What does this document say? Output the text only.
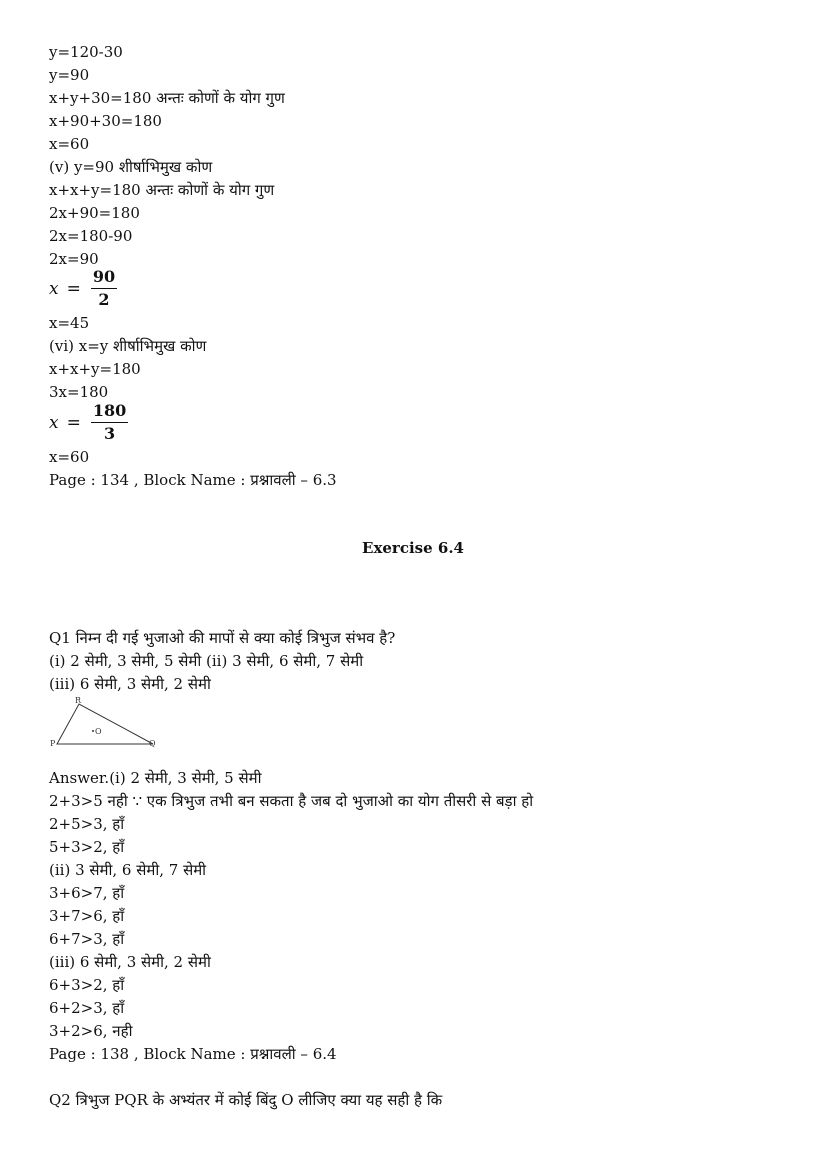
y=120-30
y=90
x+y+30=180 अन्तः कोणों के योग गुण
x+90+30=180
x=60
(v) y=90 शीर्षाभिमुख कोण
x+x+y=180 अन्तः कोणों के योग गुण
2x+90=180
2x=180-90
2x=90
$x = \frac{90}{2}$
x=45
(vi) x=y शीर्षाभिमुख कोण
x+x+y=180
3x=180
$x = \frac{180}{3}$
x=60
Page : 134 , Block Name : प्रश्नावली – 6.3
Exercise 6.4
Q1 निम्न दी गई भुजाओ की मापों से क्या कोई त्रिभुज संभव है?
(i) 2 सेमी, 3 सेमी, 5 सेमी (ii) 3 सेमी, 6 सेमी, 7 सेमी
(iii) 6 सेमी, 3 सेमी, 2 सेमी
R
P	Q
O
Answer.(i) 2 सेमी, 3 सेमी, 5 सेमी
2+3>5 नही ∵ एक त्रिभुज तभी बन सकता है जब दो भुजाओ का योग तीसरी से बड़ा हो
2+5>3, हाँ
5+3>2, हाँ
(ii) 3 सेमी, 6 सेमी, 7 सेमी
3+6>7, हाँ
3+7>6, हाँ
6+7>3, हाँ
(iii) 6 सेमी, 3 सेमी, 2 सेमी
6+3>2, हाँ
6+2>3, हाँ
3+2>6, नही
Page : 138 , Block Name : प्रश्नावली – 6.4
Q2 त्रिभुज PQR के अभ्यंतर में कोई बिंदु O लीजिए क्या यह सही है कि
